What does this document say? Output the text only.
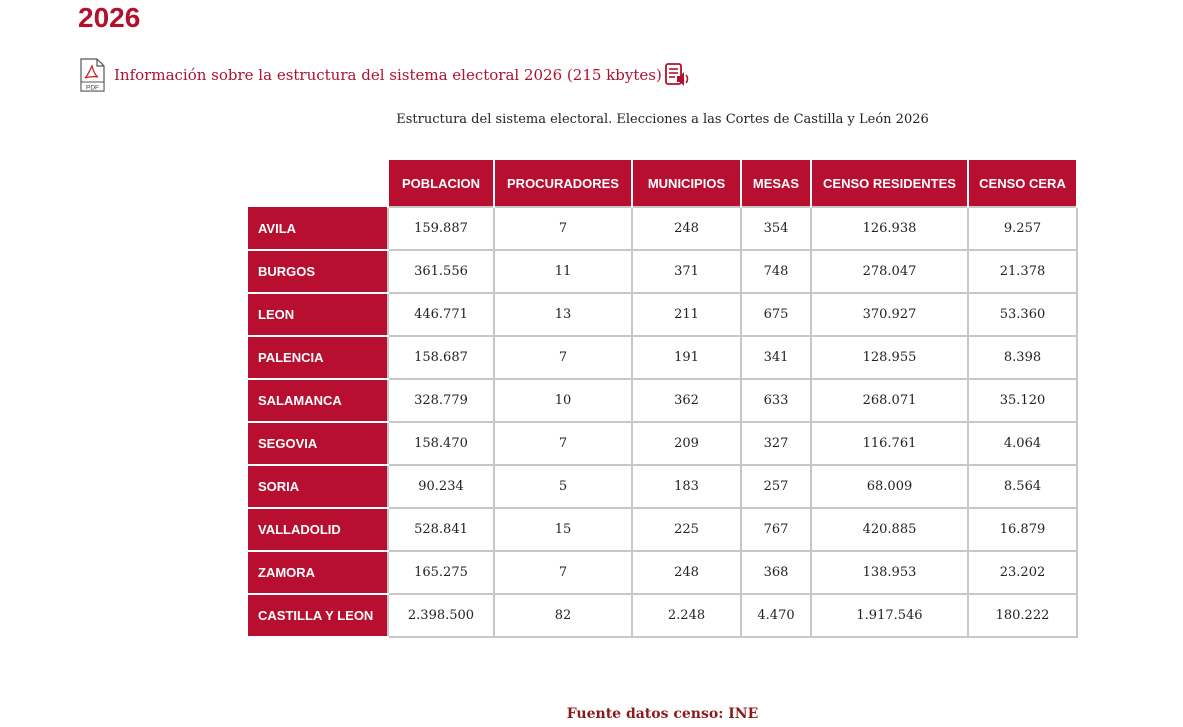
2026
PDF
Información sobre la estructura del sistema electoral 2026 (215 kbytes)
Estructura del sistema electoral. Elecciones a las Cortes de Castilla y León 2026
	POBLACION	PROCURADORES	MUNICIPIOS	MESAS	CENSO RESIDENTES	CENSO CERA
AVILA	159.887	7	248	354	126.938	9.257
BURGOS	361.556	11	371	748	278.047	21.378
LEON	446.771	13	211	675	370.927	53.360
PALENCIA	158.687	7	191	341	128.955	8.398
SALAMANCA	328.779	10	362	633	268.071	35.120
SEGOVIA	158.470	7	209	327	116.761	4.064
SORIA	90.234	5	183	257	68.009	8.564
VALLADOLID	528.841	15	225	767	420.885	16.879
ZAMORA	165.275	7	248	368	138.953	23.202
CASTILLA Y LEON	2.398.500	82	2.248	4.470	1.917.546	180.222
Fuente datos censo: INE
